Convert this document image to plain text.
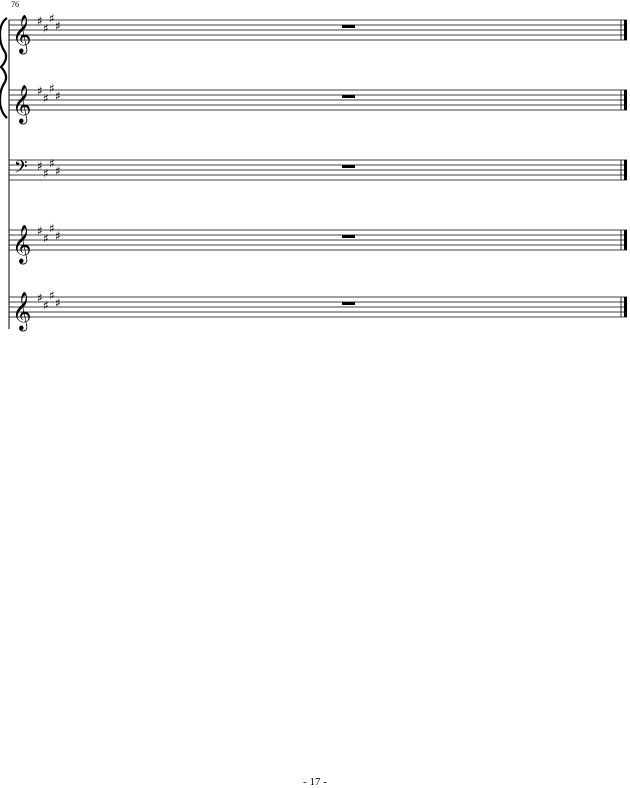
𝄞 ♯
♯
♯
♯
𝄞 ♯
♯
♯
♯
𝄢 ♯
♯
♯
♯
𝄞 ♯
♯
♯
♯
𝄞 ♯
♯
♯
♯
76
- 17 -
